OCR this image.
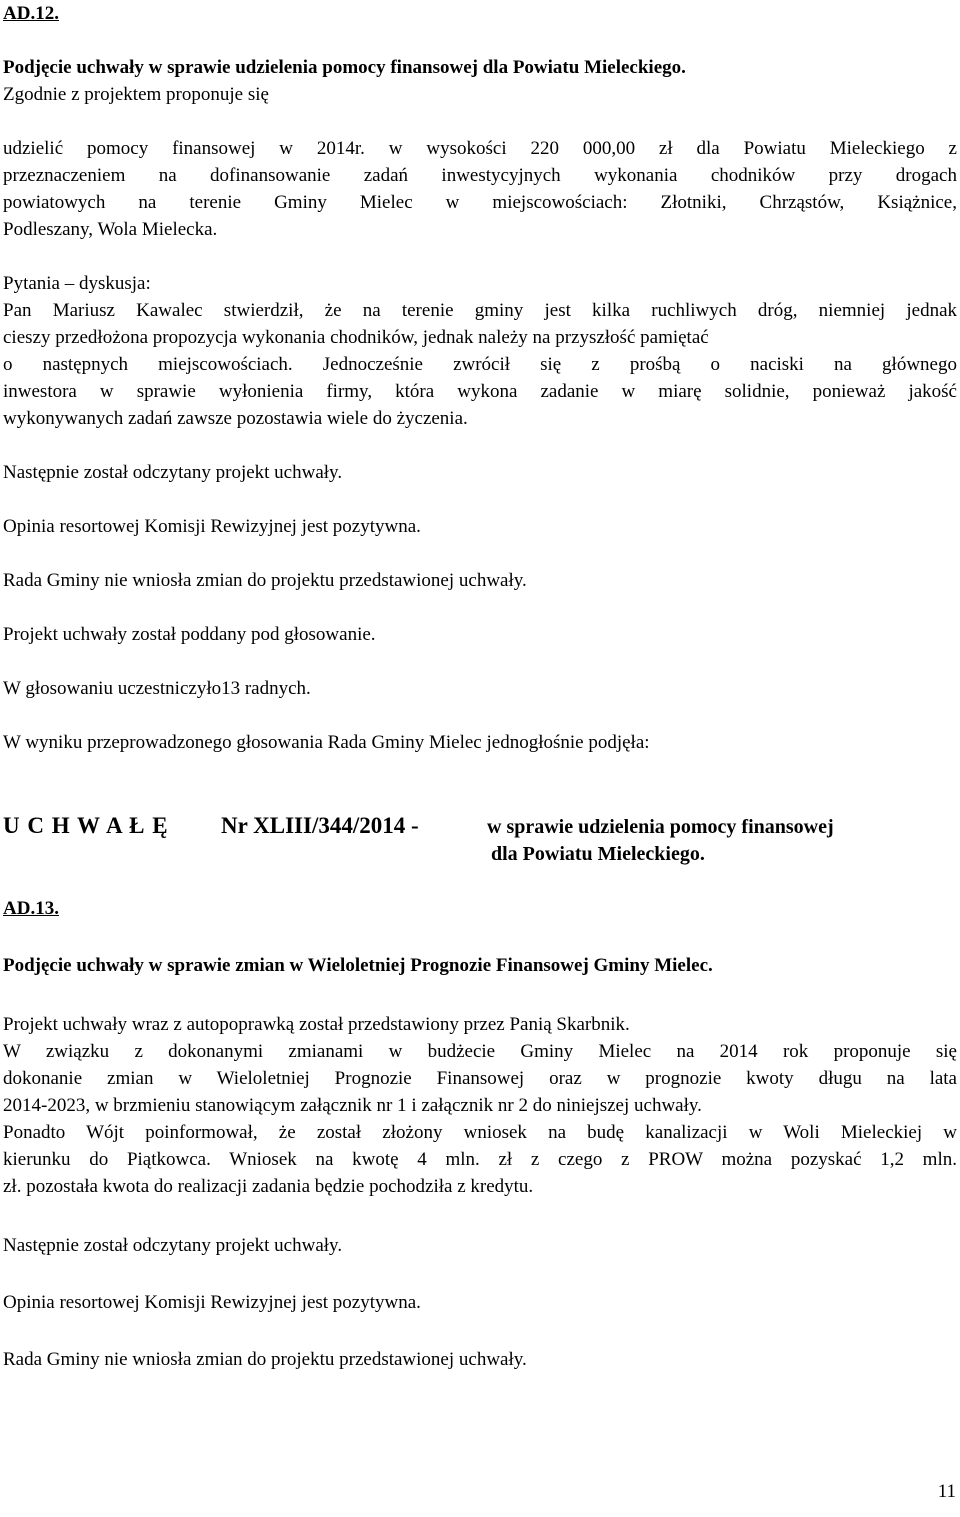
AD.12.
Podjęcie uchwały w sprawie udzielenia pomocy finansowej dla Powiatu Mieleckiego.
Zgodnie z projektem proponuje się
udzielić pomocy finansowej w 2014r. w wysokości 220 000,00 zł dla Powiatu Mieleckiego z
przeznaczeniem na dofinansowanie zadań inwestycyjnych wykonania chodników przy drogach
powiatowych na terenie Gminy Mielec w miejscowościach: Złotniki, Chrząstów, Książnice,
Podleszany, Wola Mielecka.
Pytania – dyskusja:
Pan Mariusz Kawalec stwierdził, że na terenie gminy jest kilka ruchliwych dróg, niemniej jednak
cieszy przedłożona propozycja wykonania chodników, jednak należy na przyszłość pamiętać
o następnych miejscowościach. Jednocześnie zwrócił się z prośbą o naciski na głównego
inwestora w sprawie wyłonienia firmy, która wykona zadanie w miarę solidnie, ponieważ jakość
wykonywanych zadań zawsze pozostawia wiele do życzenia.
Następnie został odczytany projekt uchwały.
Opinia resortowej Komisji Rewizyjnej jest pozytywna.
Rada Gminy nie wniosła zmian do projektu przedstawionej uchwały.
Projekt uchwały został poddany pod głosowanie.
W głosowaniu uczestniczyło13 radnych.
W wyniku przeprowadzonego głosowania Rada Gminy Mielec jednogłośnie podjęła:
U C H W A Ł Ę Nr XLIII/344/2014 -	w sprawie udzielenia pomocy finansowej
dla Powiatu Mieleckiego.
AD.13.
Podjęcie uchwały w sprawie zmian w Wieloletniej Prognozie Finansowej Gminy Mielec.
Projekt uchwały wraz z autopoprawką został przedstawiony przez Panią Skarbnik.
W związku z dokonanymi zmianami w budżecie Gminy Mielec na 2014 rok proponuje się
dokonanie zmian w Wieloletniej Prognozie Finansowej oraz w prognozie kwoty długu na lata
2014-2023, w brzmieniu stanowiącym załącznik nr 1 i załącznik nr 2 do niniejszej uchwały.
Ponadto Wójt poinformował, że został złożony wniosek na budę kanalizacji w Woli Mieleckiej w
kierunku do Piątkowca. Wniosek na kwotę 4 mln. zł z czego z PROW można pozyskać 1,2 mln.
zł. pozostała kwota do realizacji zadania będzie pochodziła z kredytu.
Następnie został odczytany projekt uchwały.
Opinia resortowej Komisji Rewizyjnej jest pozytywna.
Rada Gminy nie wniosła zmian do projektu przedstawionej uchwały.
11
